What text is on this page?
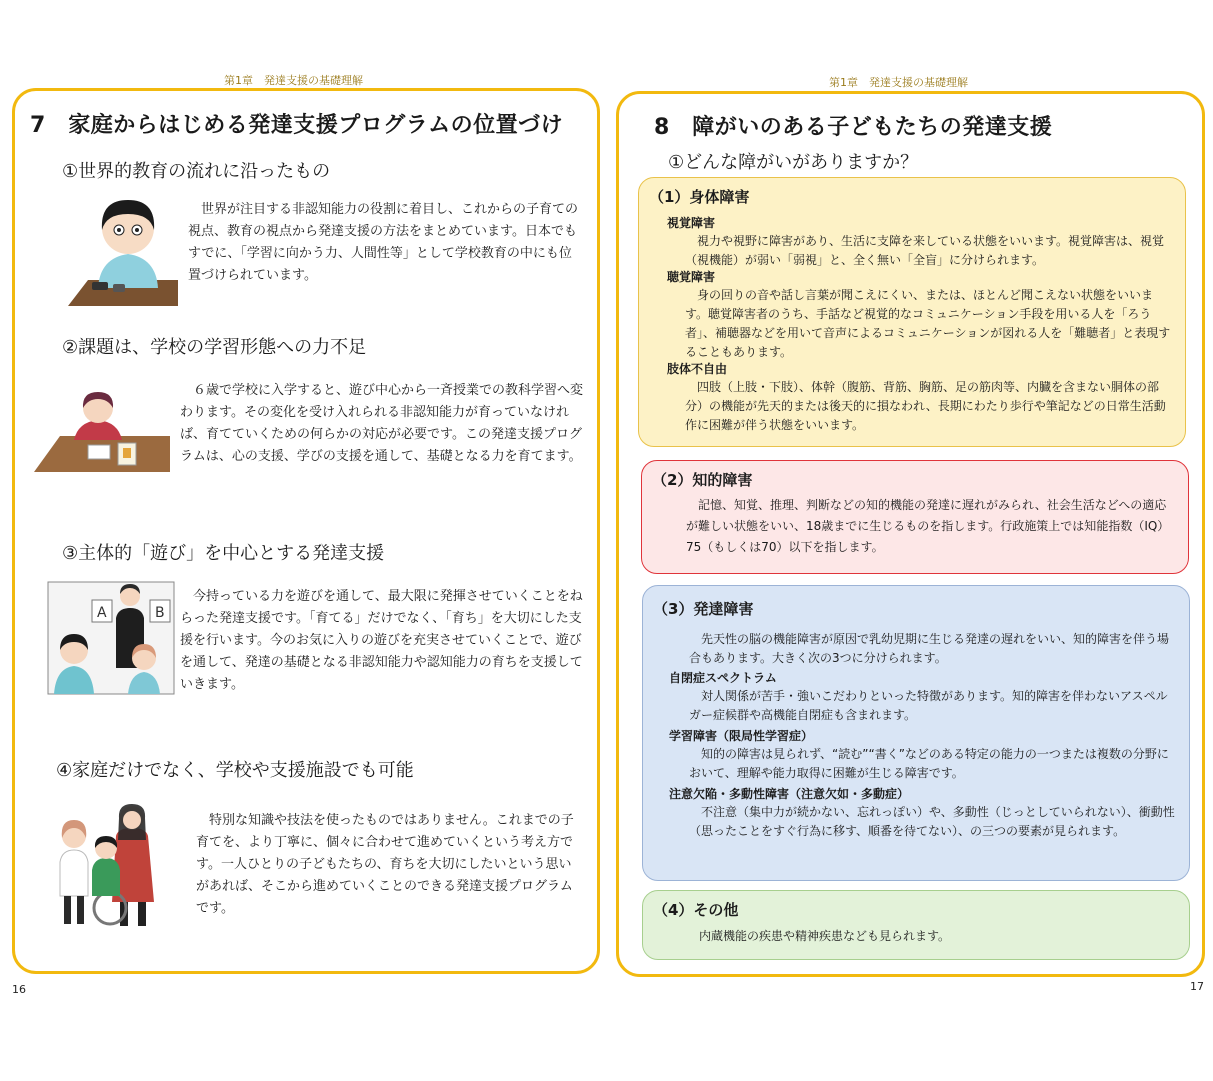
第1章　発達支援の基礎理解
16
7　家庭からはじめる発達支援プログラムの位置づけ
①世界的教育の流れに沿ったもの
世界が注目する非認知能力の役割に着目し、これからの子育ての視点、教育の視点から発達支援の方法をまとめています。日本でもすでに、「学習に向かう力、人間性等」として学校教育の中にも位置づけられています。
②課題は、学校の学習形態への力不足
６歳で学校に入学すると、遊び中心から一斉授業での教科学習へ変わります。その変化を受け入れられる非認知能力が育っていなければ、育てていくための何らかの対応が必要です。この発達支援プログラムは、心の支援、学びの支援を通して、基礎となる力を育てます。
③主体的「遊び」を中心とする発達支援
A	B
今持っている力を遊びを通して、最大限に発揮させていくことをねらった発達支援です。「育てる」だけでなく、「育ち」を大切にした支援を行います。今のお気に入りの遊びを充実させていくことで、遊びを通して、発達の基礎となる非認知能力や認知能力の育ちを支援していきます。
④家庭だけでなく、学校や支援施設でも可能
特別な知識や技法を使ったものではありません。これまでの子育てを、より丁寧に、個々に合わせて進めていくという考え方です。一人ひとりの子どもたちの、育ちを大切にしたいという思いがあれば、そこから進めていくことのできる発達支援プログラムです。
第1章　発達支援の基礎理解
17
8　障がいのある子どもたちの発達支援
①どんな障がいがありますか？
（1）身体障害
視覚障害
視力や視野に障害があり、生活に支障を来している状態をいいます。視覚障害は、視覚（視機能）が弱い「弱視」と、全く無い「全盲」に分けられます。
聴覚障害
身の回りの音や話し言葉が聞こえにくい、または、ほとんど聞こえない状態をいいます。聴覚障害者のうち、手話など視覚的なコミュニケーション手段を用いる人を「ろう者」、補聴器などを用いて音声によるコミュニケーションが図れる人を「難聴者」と表現することもあります。
肢体不自由
四肢（上肢・下肢）、体幹（腹筋、背筋、胸筋、足の筋肉等、内臓を含まない胴体の部分）の機能が先天的または後天的に損なわれ、長期にわたり歩行や筆記などの日常生活動作に困難が伴う状態をいいます。
（2）知的障害
記憶、知覚、推理、判断などの知的機能の発達に遅れがみられ、社会生活などへの適応が難しい状態をいい、18歳までに生じるものを指します。行政施策上では知能指数（IQ）75（もしくは70）以下を指します。
（3）発達障害
先天性の脳の機能障害が原因で乳幼児期に生じる発達の遅れをいい、知的障害を伴う場合もあります。大きく次の3つに分けられます。
自閉症スペクトラム
対人関係が苦手・強いこだわりといった特徴があります。知的障害を伴わないアスペルガー症候群や高機能自閉症も含まれます。
学習障害（限局性学習症）
知的の障害は見られず、“読む”“書く”などのある特定の能力の一つまたは複数の分野において、理解や能力取得に困難が生じる障害です。
注意欠陥・多動性障害（注意欠如・多動症）
不注意（集中力が続かない、忘れっぽい）や、多動性（じっとしていられない）、衝動性（思ったことをすぐ行為に移す、順番を待てない）、の三つの要素が見られます。
（4）その他
内蔵機能の疾患や精神疾患なども見られます。
